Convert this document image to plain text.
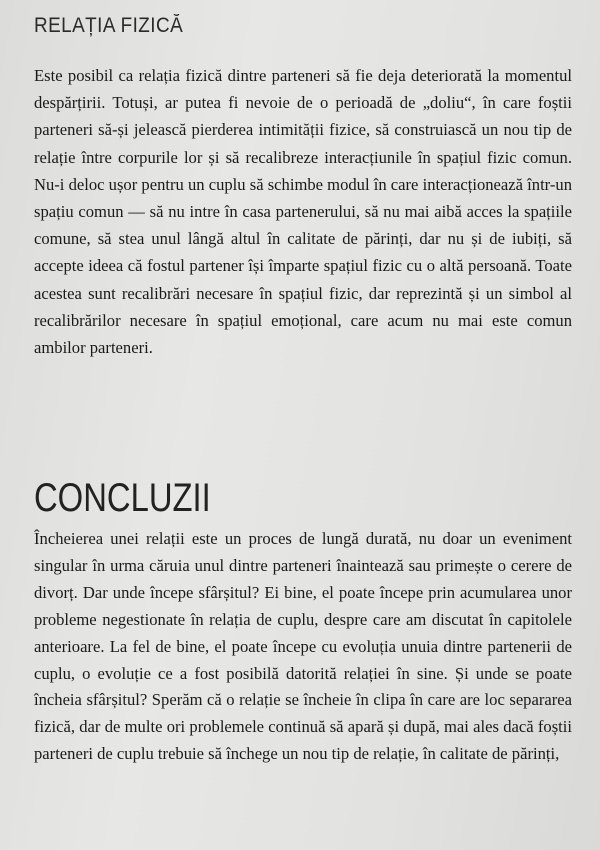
RELAȚIA FIZICĂ

Este posibil ca relația fizică dintre parteneri să fie deja deteriorată la momentul despărțirii. Totuși, ar putea fi nevoie de o perioadă de „doliu“, în care foștii parteneri să-și jelească pierderea intimității fizice, să construiască un nou tip de relație între corpurile lor și să recalibreze interacțiunile în spațiul fizic comun. Nu-i deloc ușor pentru un cuplu să schimbe modul în care interacționează într-un spațiu comun — să nu intre în casa partenerului, să nu mai aibă acces la spațiile comune, să stea unul lângă altul în calitate de părinți, dar nu și de iubiți, să accepte ideea că fostul partener își împarte spațiul fizic cu o altă persoană. Toate acestea sunt recalibrări necesare în spațiul fizic, dar reprezintă și un simbol al recalibrărilor necesare în spațiul emoțional, care acum nu mai este comun ambilor parteneri.

CONCLUZII

Încheierea unei relații este un proces de lungă durată, nu doar un eveniment singular în urma căruia unul dintre parteneri înaintează sau primește o cerere de divorț. Dar unde începe sfârșitul? Ei bine, el poate începe prin acumularea unor probleme negestionate în relația de cuplu, despre care am discutat în capitolele anterioare. La fel de bine, el poate începe cu evoluția unuia dintre partenerii de cuplu, o evoluție ce a fost posibilă datorită relației în sine. Și unde se poate încheia sfârșitul? Sperăm că o relație se încheie în clipa în care are loc separarea fizică, dar de multe ori problemele continuă să apară și după, mai ales dacă foștii parteneri de cuplu trebuie să închege un nou tip de relație, în calitate de părinți,
